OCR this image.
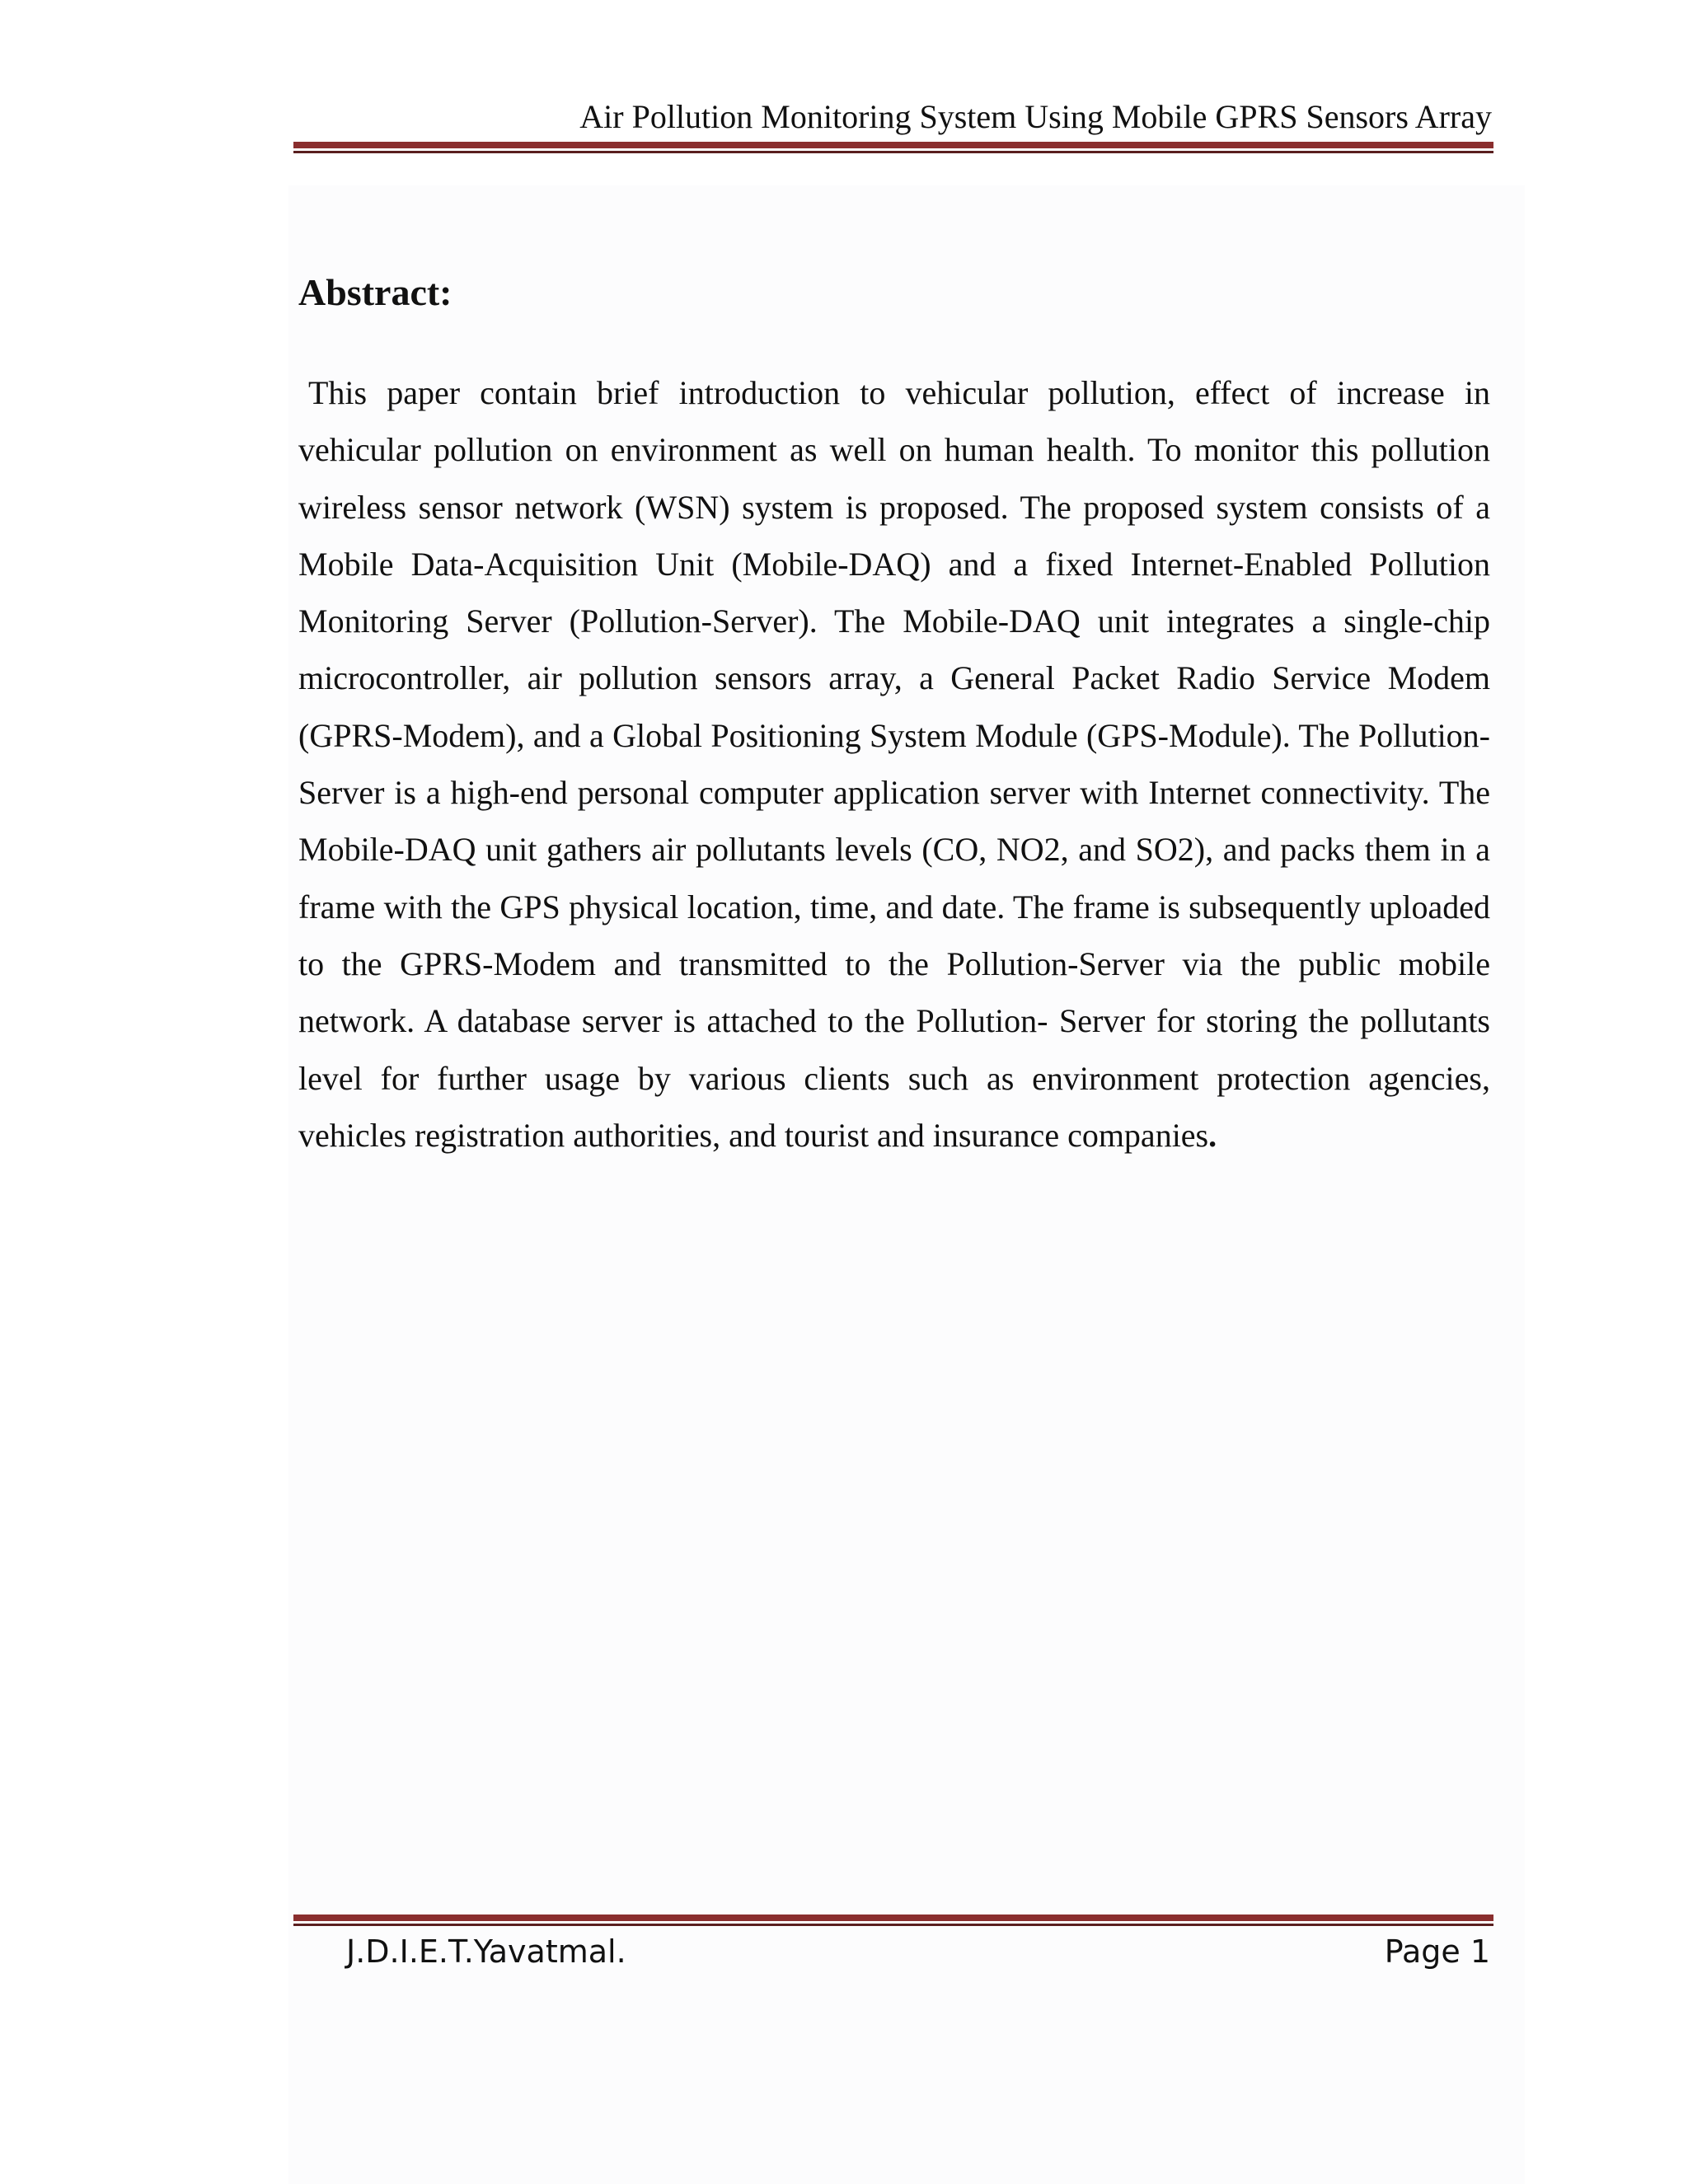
Air Pollution Monitoring System Using Mobile GPRS Sensors Array
Abstract:

This paper contain brief introduction to vehicular pollution, effect of increase in vehicular pollution on environment as well on human health. To monitor this pollution wireless sensor network (WSN) system is proposed. The proposed system consists of a Mobile Data-Acquisition Unit (Mobile-DAQ) and a fixed Internet-Enabled Pollution Monitoring Server (Pollution-Server). The Mobile-DAQ unit integrates a single-chip microcontroller, air pollution sensors array, a General Packet Radio Service Modem (GPRS-Modem), and a Global Positioning System Module (GPS-Module). The Pollution-Server is a high-end personal computer application server with Internet connectivity. The Mobile-DAQ unit gathers air pollutants levels (CO, NO2, and SO2), and packs them in a frame with the GPS physical location, time, and date. The frame is subsequently uploaded to the GPRS-Modem and transmitted to the Pollution-Server via the public mobile network. A database server is attached to the Pollution- Server for storing the pollutants level for further usage by various clients such as environment protection agencies, vehicles registration authorities, and tourist and insurance companies.

J.D.I.E.T.Yavatmal.	Page 1
